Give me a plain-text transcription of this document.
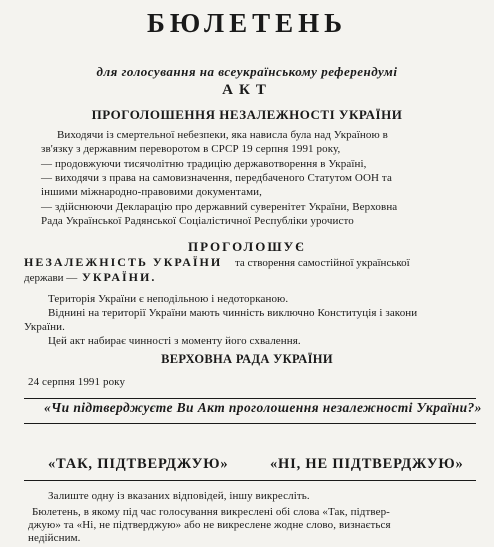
БЮЛЕТЕНЬ
для голосування на всеукраїнському референдумі
АКТ
ПРОГОЛОШЕННЯ НЕЗАЛЕЖНОСТІ УКРАЇНИ
Виходячи із смертельної небезпеки, яка нависла була над Україною в
зв'язку з державним переворотом в СРСР 19 серпня 1991 року,
— продовжуючи тисячолітню традицію державотворення в Україні,
— виходячи з права на самовизначення, передбаченого Статутом ООН та
іншими міжнародно-правовими документами,
— здійснюючи Декларацію про державний суверенітет України, Верховна
Рада Української Радянської Соціалістичної Республіки урочисто
ПРОГОЛОШУЄ
НЕЗАЛЕЖНІСТЬ УКРАЇНИ та створення самостійної української
держави — УКРАЇНИ.
Територія України є неподільною і недоторканою.
Віднині на території України мають чинність виключно Конституція і закони
України.
Цей акт набирає чинності з моменту його схвалення.
ВЕРХОВНА РАДА УКРАЇНИ
24 серпня 1991 року
«Чи підтверджуєте Ви Акт проголошення незалежності України?»
«ТАК, ПІДТВЕРДЖУЮ»	«НІ, НЕ ПІДТВЕРДЖУЮ»
Залиште одну із вказаних відповідей, іншу викресліть.
Бюлетень, в якому під час голосування викреслені обі слова «Так, підтвер-
джую» та «Ні, не підтверджую» або не викреслене жодне слово, визнається
недійсним.
